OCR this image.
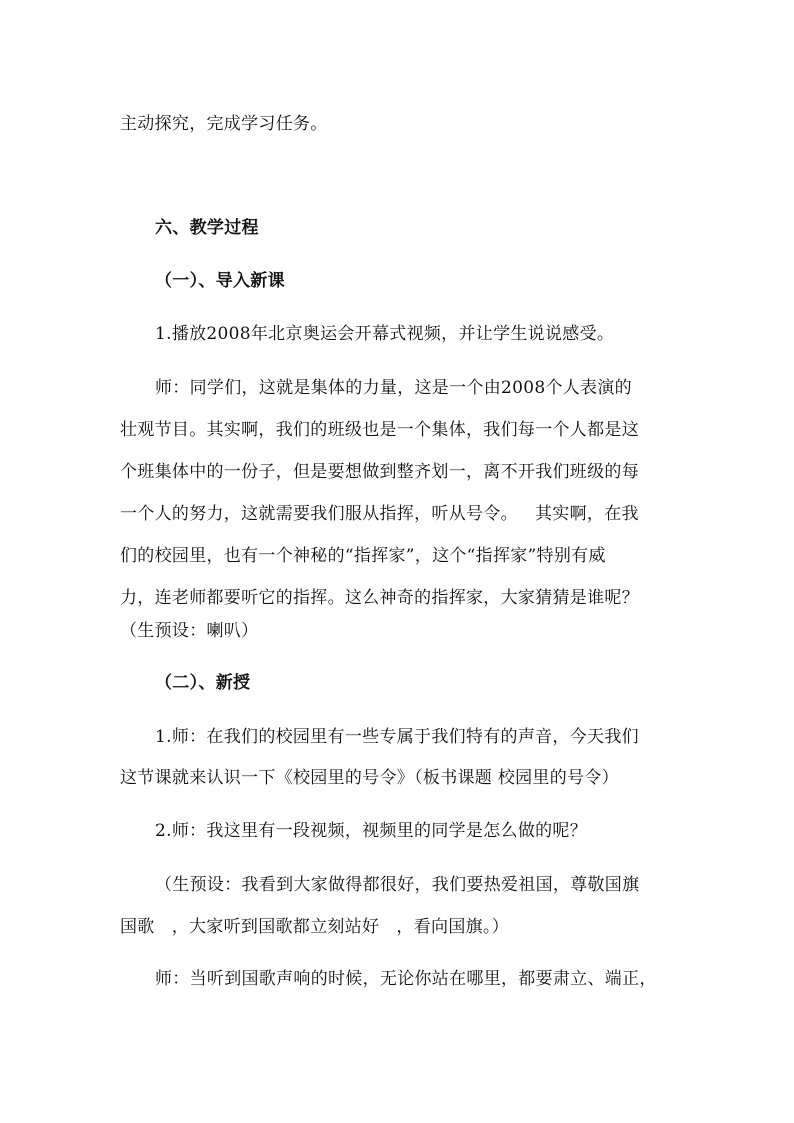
主动探究，完成学习任务。
六、教学过程
（一）、导入新课
1.播放2008年北京奥运会开幕式视频，并让学生说说感受。
师：同学们，这就是集体的力量，这是一个由2008个人表演的
壮观节目。其实啊，我们的班级也是一个集体，我们每一个人都是这
个班集体中的一份子，但是要想做到整齐划一，离不开我们班级的每
一个人的努力，这就需要我们服从指挥，听从号令。   其实啊，在我
们的校园里，也有一个神秘的“指挥家”，这个“指挥家”特别有威
力，连老师都要听它的指挥。这么神奇的指挥家，大家猜猜是谁呢？
（生预设：喇叭）
（二）、新授
1.师：在我们的校园里有一些专属于我们特有的声音，今天我们
这节课就来认识一下《校园里的号令》（板书课题 校园里的号令）
2.师：我这里有一段视频，视频里的同学是怎么做的呢？
（生预设：我看到大家做得都很好，我们要热爱祖国，尊敬国旗
国歌   ，大家听到国歌都立刻站好   ，看向国旗。）
师：当听到国歌声响的时候，无论你站在哪里，都要肃立、端正，
